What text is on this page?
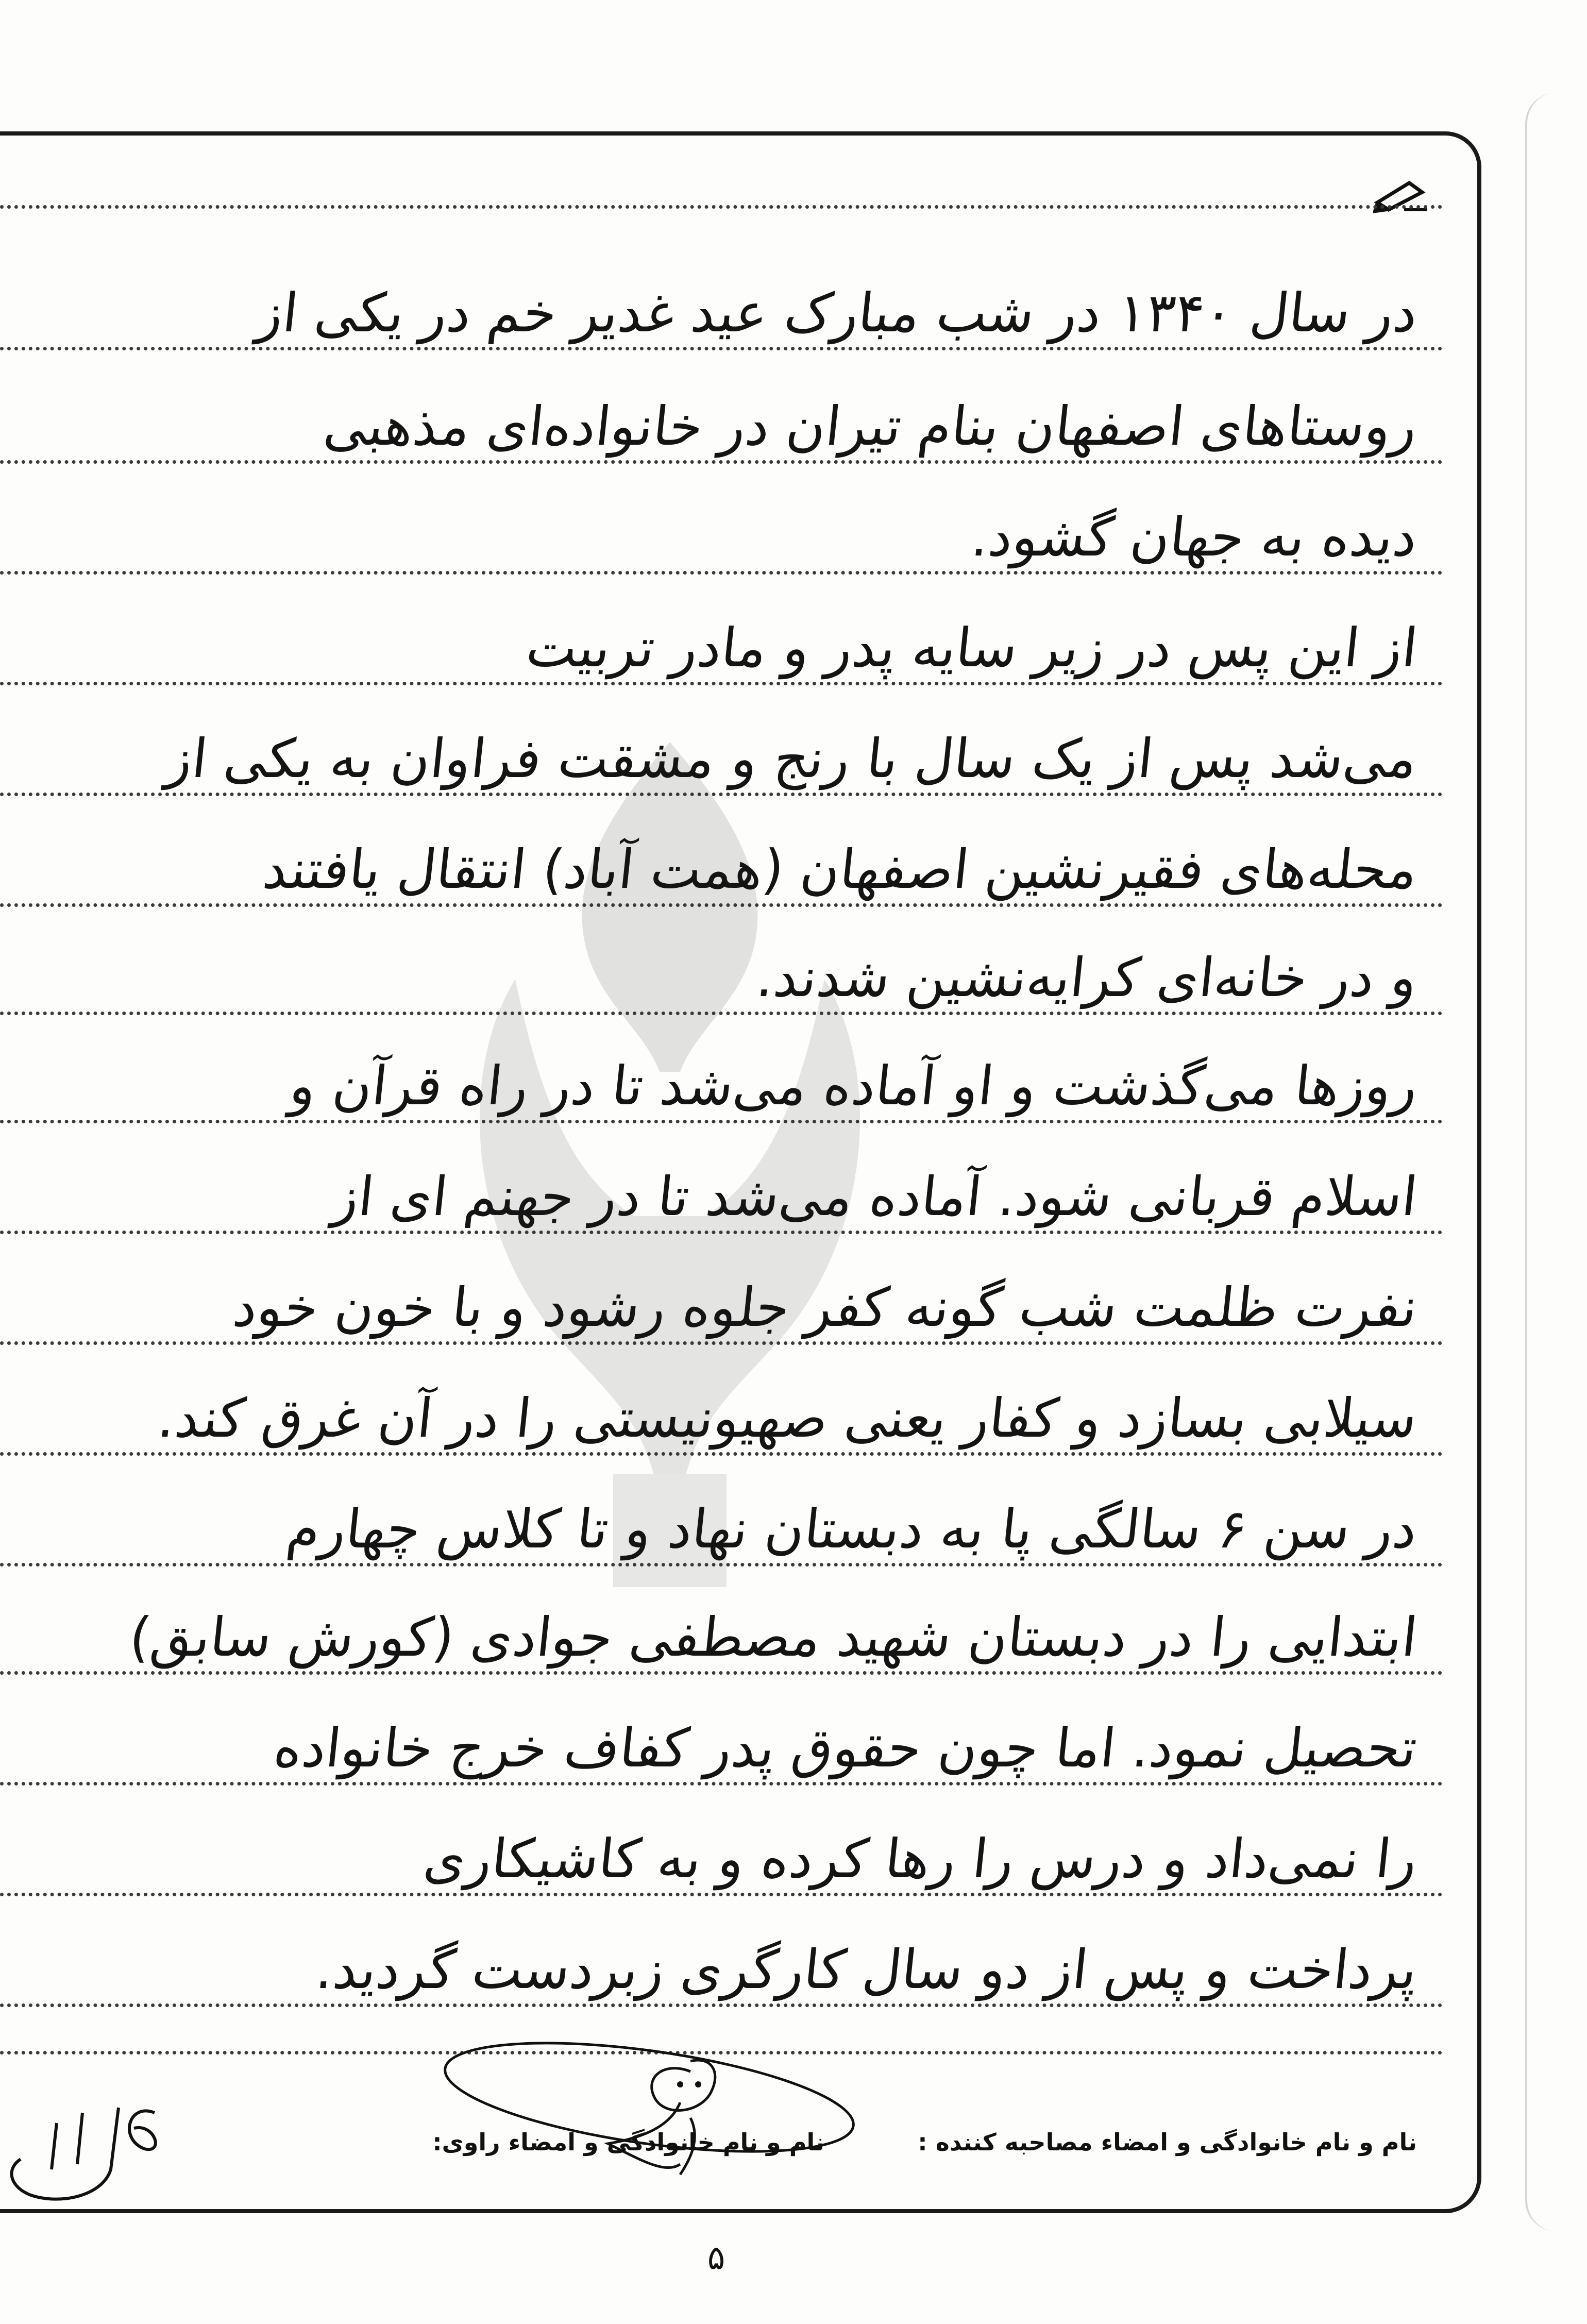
در سال ۱۳۴۰ در شب مبارک عید غدیر خم در یکی از
روستاهای اصفهان بنام تیران در خانواده‌ای مذهبی
دیده به جهان گشود.
از این پس در زیر سایه پدر و مادر تربیت
می‌شد پس از یک سال با رنج و مشقت فراوان به یکی از
محله‌های فقیرنشین اصفهان (همت آباد) انتقال یافتند
و در خانه‌ای کرایه‌نشین شدند.
روزها می‌گذشت و او آماده می‌شد تا در راه قرآن و
اسلام قربانی شود. آماده می‌شد تا در جهنم ای از
نفرت ظلمت شب گونه کفر جلوه رشود و با خون خود
سیلابی بسازد و کفار یعنی صهیونیستی را در آن غرق کند.
در سن ۶ سالگی پا به دبستان نهاد و تا کلاس چهارم
ابتدایی را در دبستان شهید مصطفی جوادی (کورش سابق)
تحصیل نمود. اما چون حقوق پدر کفاف خرج خانواده
را نمی‌داد و درس را رها کرده و به کاشیکاری
پرداخت و پس از دو سال کارگری زبردست گردید.
نام و نام خانوادگی و امضاء مصاحبه کننده :
نام و نام خانوادگی و امضاء راوی:
۵
